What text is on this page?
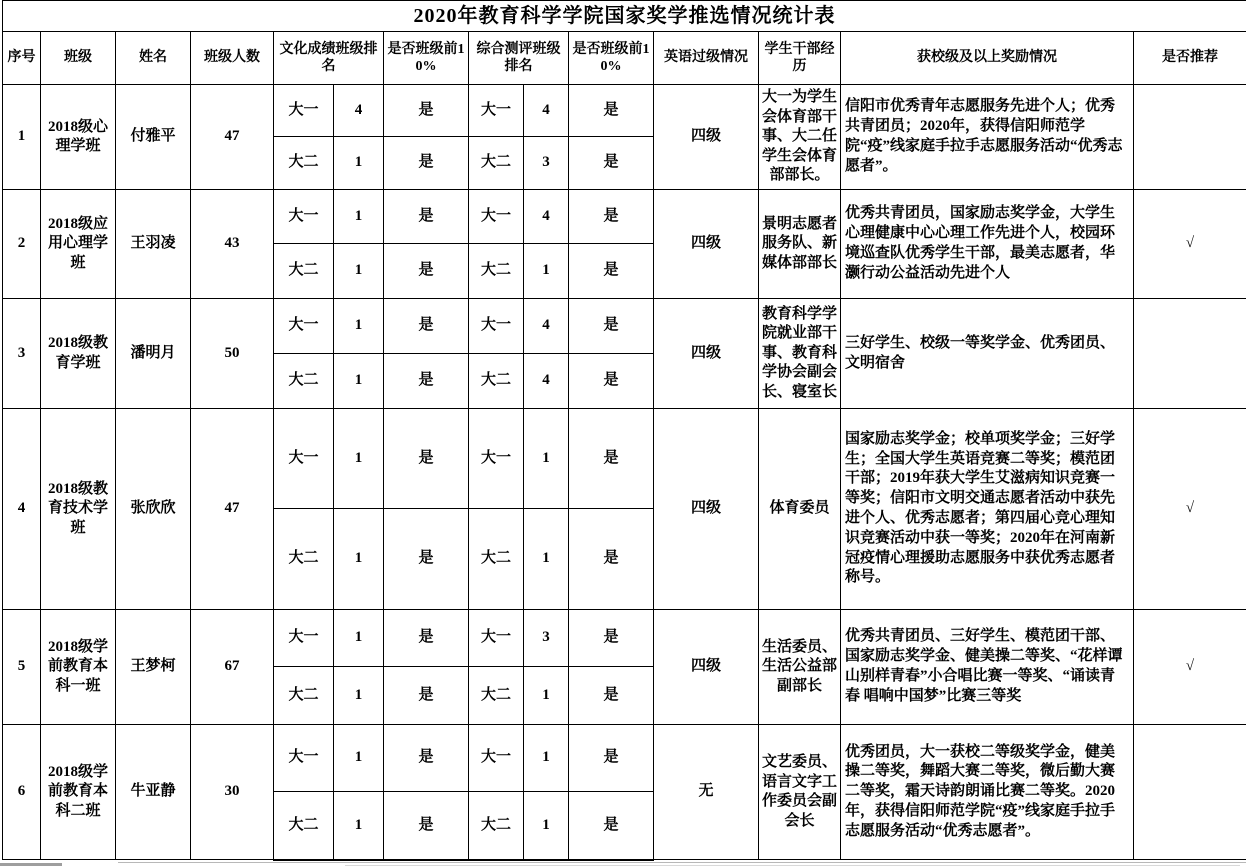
2020年教育科学学院国家奖学推选情况统计表													
序号	班级	姓名	班级人数	文化成绩班级排名		是否班级前10%	综合测评班级排名		是否班级前10%	英语过级情况	学生干部经历	获校级及以上奖励情况	是否推荐
1	2018级心理学班	付雅平	47	大一	4	是	大一	4	是	四级	大一为学生会体育部干事、大二任学生会体育部部长。	信阳市优秀青年志愿服务先进个人；优秀共青团员；2020年，获得信阳师范学院“疫”线家庭手拉手志愿服务活动“优秀志愿者”。	
				大二	1	是	大二	3	是				
2	2018级应用心理学班	王羽凌	43	大一	1	是	大一	4	是	四级	景明志愿者服务队、新媒体部部长	优秀共青团员，国家励志奖学金，大学生心理健康中心心理工作先进个人，校园环境巡查队优秀学生干部，最美志愿者，华灏行动公益活动先进个人	√
				大二	1	是	大二	1	是				
3	2018级教育学班	潘明月	50	大一	1	是	大一	4	是	四级	教育科学学院就业部干事、教育科学协会副会长、寝室长	三好学生、校级一等奖学金、优秀团员、文明宿舍	
				大二	1	是	大二	4	是				
4	2018级教育技术学班	张欣欣	47	大一	1	是	大一	1	是	四级	体育委员	国家励志奖学金；校单项奖学金；三好学生；全国大学生英语竞赛二等奖；模范团干部；2019年获大学生艾滋病知识竞赛一等奖；信阳市文明交通志愿者活动中获先进个人、优秀志愿者；第四届心竞心理知识竞赛活动中获一等奖；2020年在河南新冠疫情心理援助志愿服务中获优秀志愿者称号。	√
				大二	1	是	大二	1	是				
5	2018级学前教育本科一班	王梦柯	67	大一	1	是	大一	3	是	四级	生活委员、生活公益部副部长	优秀共青团员、三好学生、模范团干部、国家励志奖学金、健美操二等奖、“花样谭山别样青春”小合唱比赛一等奖、“诵读青春 唱响中国梦”比赛三等奖	√
				大二	1	是	大二	1	是				
6	2018级学前教育本科二班	牛亚静	30	大一	1	是	大一	1	是	无	文艺委员、语言文字工作委员会副会长	优秀团员，大一获校二等级奖学金，健美操二等奖，舞蹈大赛二等奖，微后勤大赛二等奖，霜天诗韵朗诵比赛二等奖。2020年，获得信阳师范学院“疫”线家庭手拉手志愿服务活动“优秀志愿者”。	
				大二	1	是	大二	1	是				
